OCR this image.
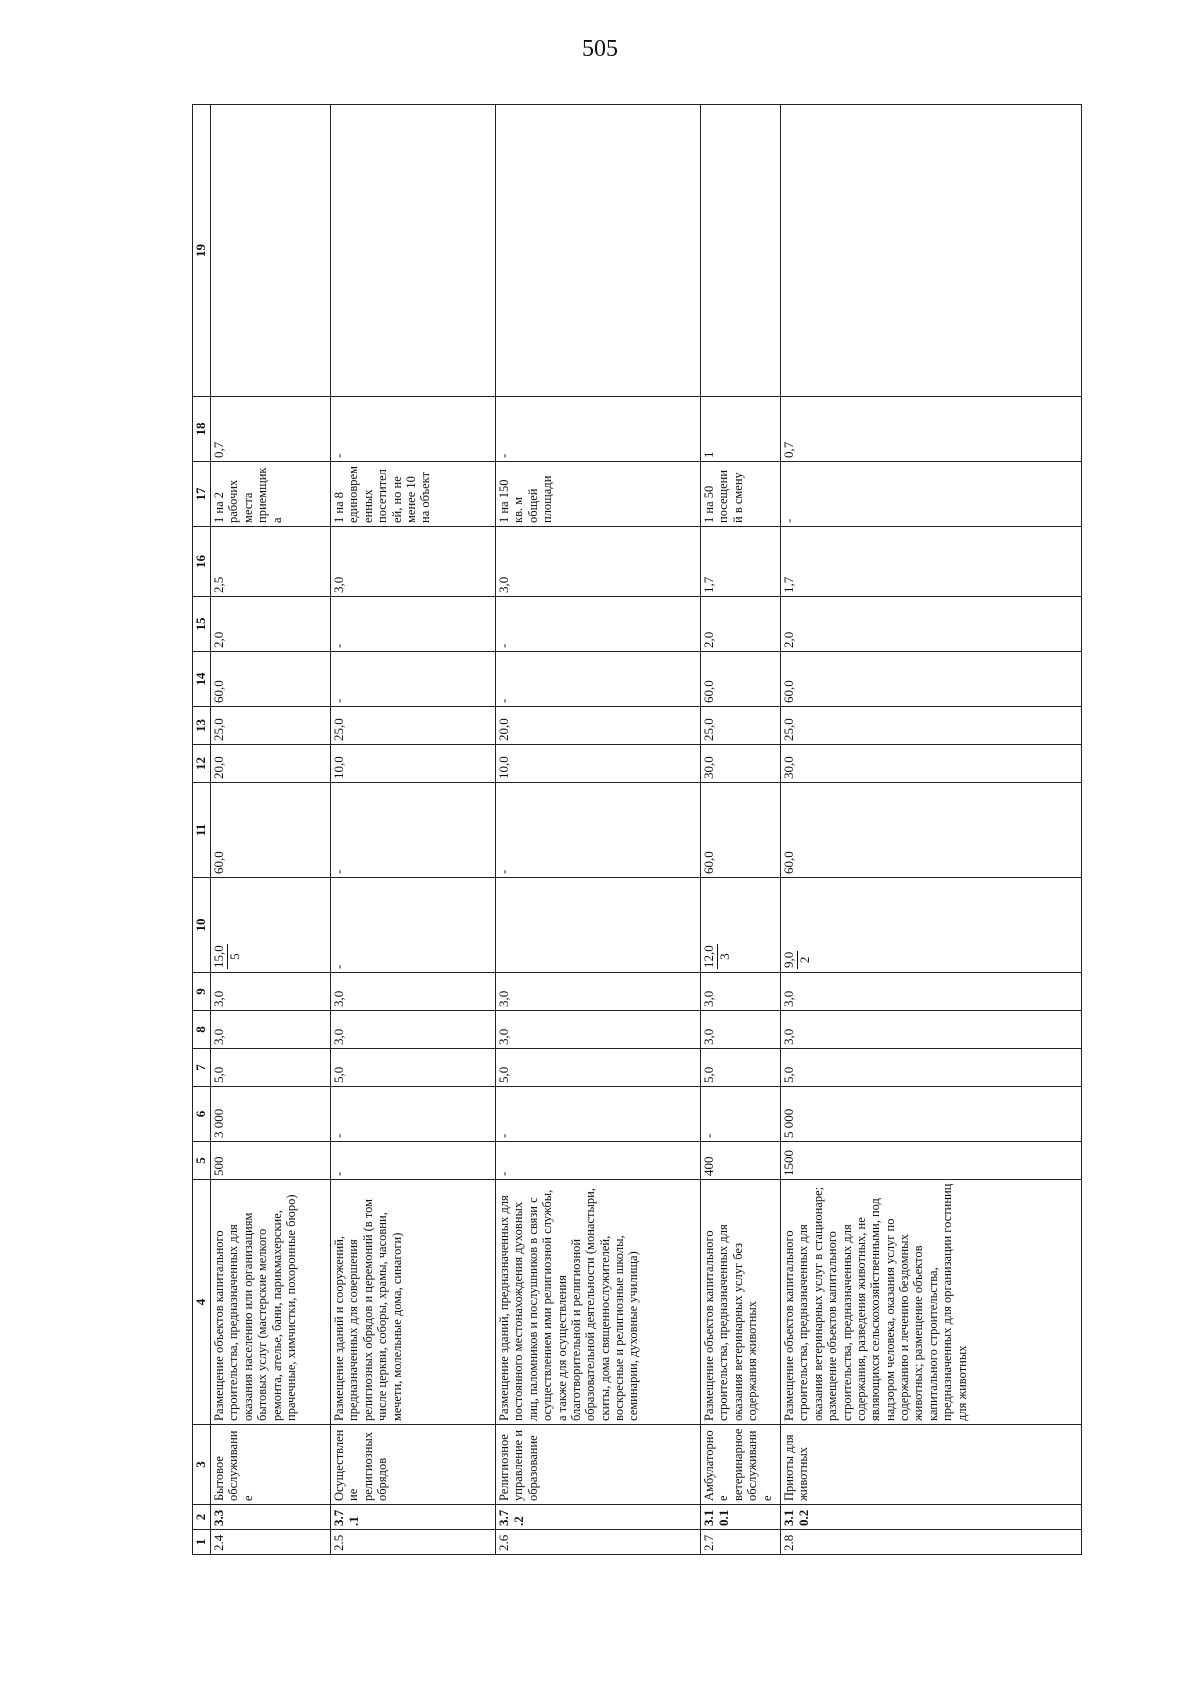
505
1	2	3	4	5	6	7	8	9	10	11	12	13	14	15	16	17	18	19
2.4	3.3	Бытовое обслуживание	Размещение объектов капитального строительства, предназначенных для оказания населению или организациям бытовых услуг (мастерские мелкого ремонта, ателье, бани, парикмахерские, прачечные, химчистки, похоронные бюро)	500	3 000	5,0	3,0	3,0	15,0 5	60,0	20,0	25,0	60,0	2,0	2,5	1 на 2 рабочих места приемщика	0,7	
2.5	3.7.1	Осуществление религиозных обрядов	Размещение зданий и сооружений, предназначенных для совершения религиозных обрядов и церемоний (в том числе церкви, соборы, храмы, часовни, мечети, молельные дома, синагоги)	-	-	5,0	3,0	3,0	-	-	10,0	25,0	-	-	3,0	1 на 8 единовременных посетителей, но не менее 10 на объект	-	
2.6	3.7.2	Религиозное управление и образование	Размещение зданий, предназначенных для постоянного местонахождения духовных лиц, паломников и послушников в связи с осуществлением ими религиозной службы, а также для осуществления благотворительной и религиозной образовательной деятельности (монастыри, скиты, дома священнослужителей, воскресные и религиозные школы, семинарии, духовные училища)	-	-	5,0	3,0	3,0		-	10,0	20,0	-	-	3,0	1 на 150 кв. м общей площади	-	
2.7	3.10.1	Амбулаторное ветеринарное обслуживание	Размещение объектов капитального строительства, предназначенных для оказания ветеринарных услуг без содержания животных	400	-	5,0	3,0	3,0	12,0 3	60,0	30,0	25,0	60,0	2,0	1,7	1 на 50 посещений в смену	1	
2.8	3.10.2	Приюты для животных	Размещение объектов капитального строительства, предназначенных для оказания ветеринарных услуг в стационаре; размещение объектов капитального строительства, предназначенных для содержания, разведения животных, не являющихся сельскохозяйственными, под надзором человека, оказания услуг по содержанию и лечению бездомных животных; размещение объектов капитального строительства, предназначенных для организации гостиниц для животных	1500	5 000	5,0	3,0	3,0	9,0 2	60,0	30,0	25,0	60,0	2,0	1,7	-	0,7	
